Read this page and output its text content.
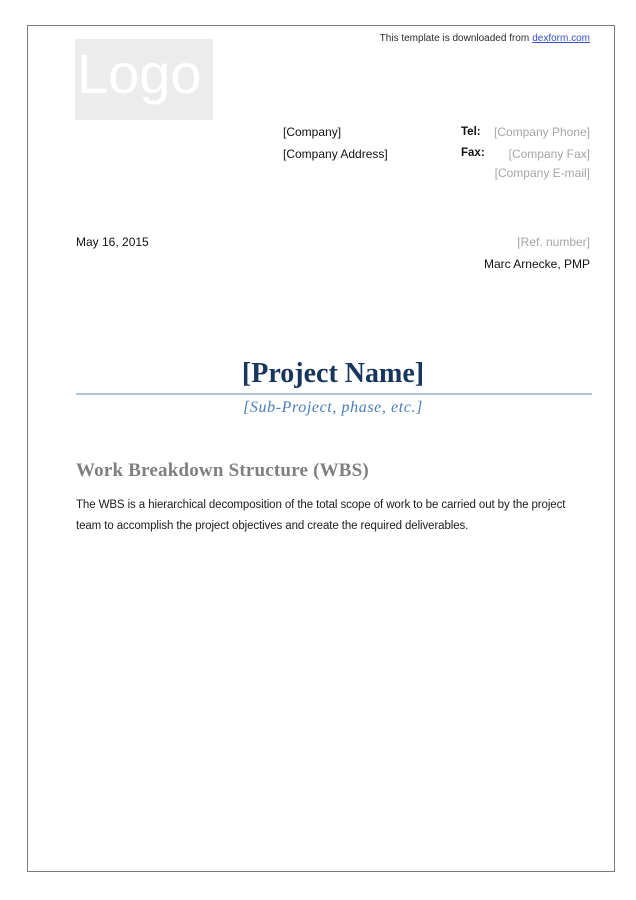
This template is downloaded from dexform.com
Logo
[Company]
[Company Address]
Tel:
Fax:
[Company Phone]
[Company Fax]
[Company E-mail]
May 16, 2015	[Ref. number]
Marc Arnecke, PMP
[Project Name]
[Sub-Project, phase, etc.]
Work Breakdown Structure (WBS)

The WBS is a hierarchical decomposition of the total scope of work to be carried out by the project team to accomplish the project objectives and create the required deliverables.
